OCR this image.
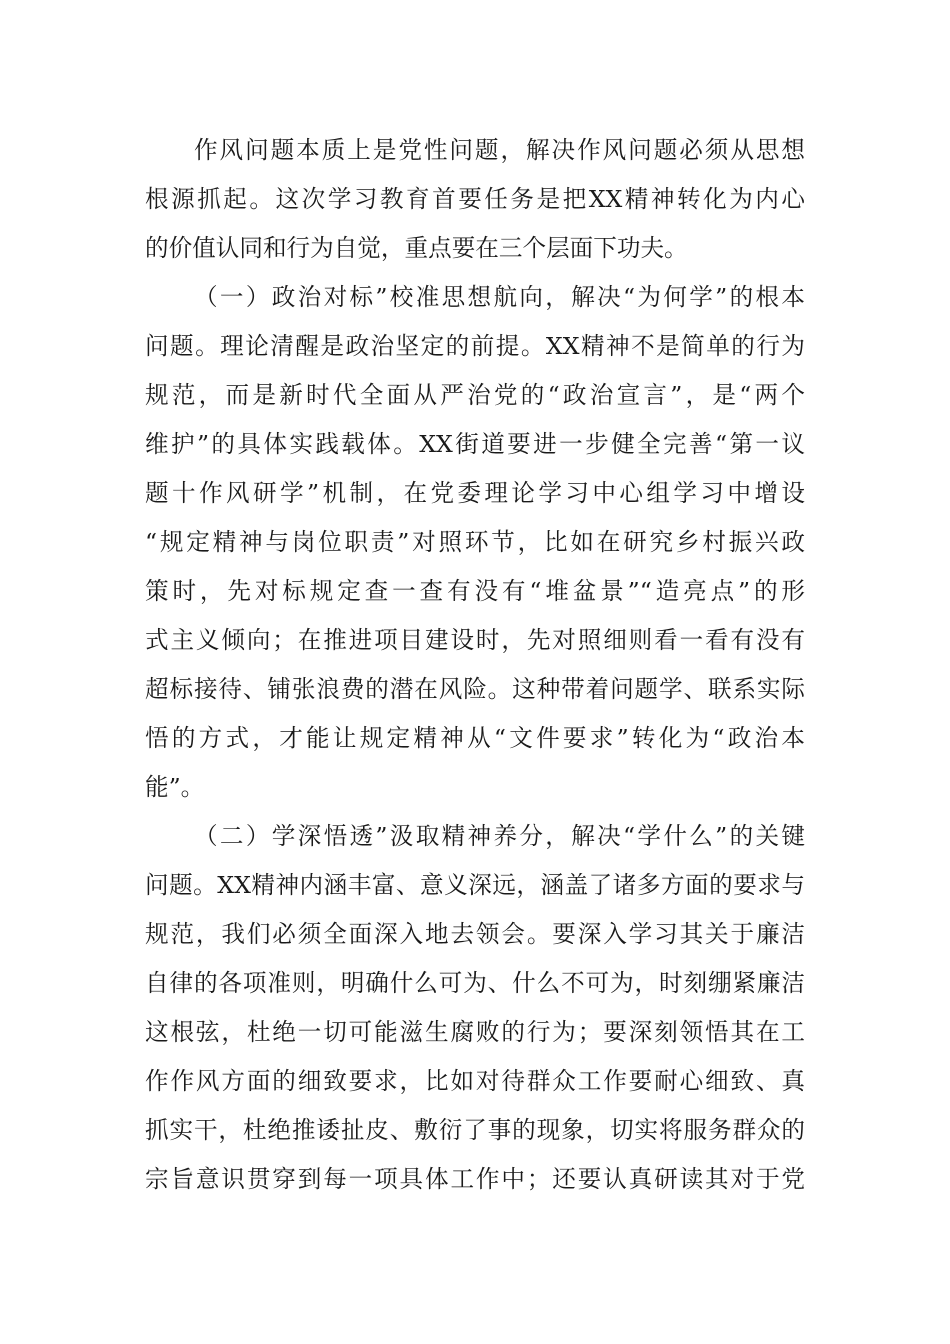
作风问题本质上是党性问题，解决作风问题必须从思想
根源抓起。这次学习教育首要任务是把XX精神转化为内心
的价值认同和行为自觉，重点要在三个层面下功夫。

（一）政治对标”校准思想航向，解决“为何学”的根本
问题。理论清醒是政治坚定的前提。XX精神不是简单的行为
规范，而是新时代全面从严治党的“政治宣言”，是“两个
维护”的具体实践载体。XX街道要进一步健全完善“第一议
题十作风研学”机制，在党委理论学习中心组学习中增设
“规定精神与岗位职责”对照环节，比如在研究乡村振兴政
策时，先对标规定查一查有没有“堆盆景”“造亮点”的形
式主义倾向；在推进项目建设时，先对照细则看一看有没有
超标接待、铺张浪费的潜在风险。这种带着问题学、联系实际
悟的方式，才能让规定精神从“文件要求”转化为“政治本
能”。

（二）学深悟透”汲取精神养分，解决“学什么”的关键
问题。XX精神内涵丰富、意义深远，涵盖了诸多方面的要求与
规范，我们必须全面深入地去领会。要深入学习其关于廉洁
自律的各项准则，明确什么可为、什么不可为，时刻绷紧廉洁
这根弦，杜绝一切可能滋生腐败的行为；要深刻领悟其在工
作作风方面的细致要求，比如对待群众工作要耐心细致、真
抓实干，杜绝推诿扯皮、敷衍了事的现象，切实将服务群众的
宗旨意识贯穿到每一项具体工作中；还要认真研读其对于党
